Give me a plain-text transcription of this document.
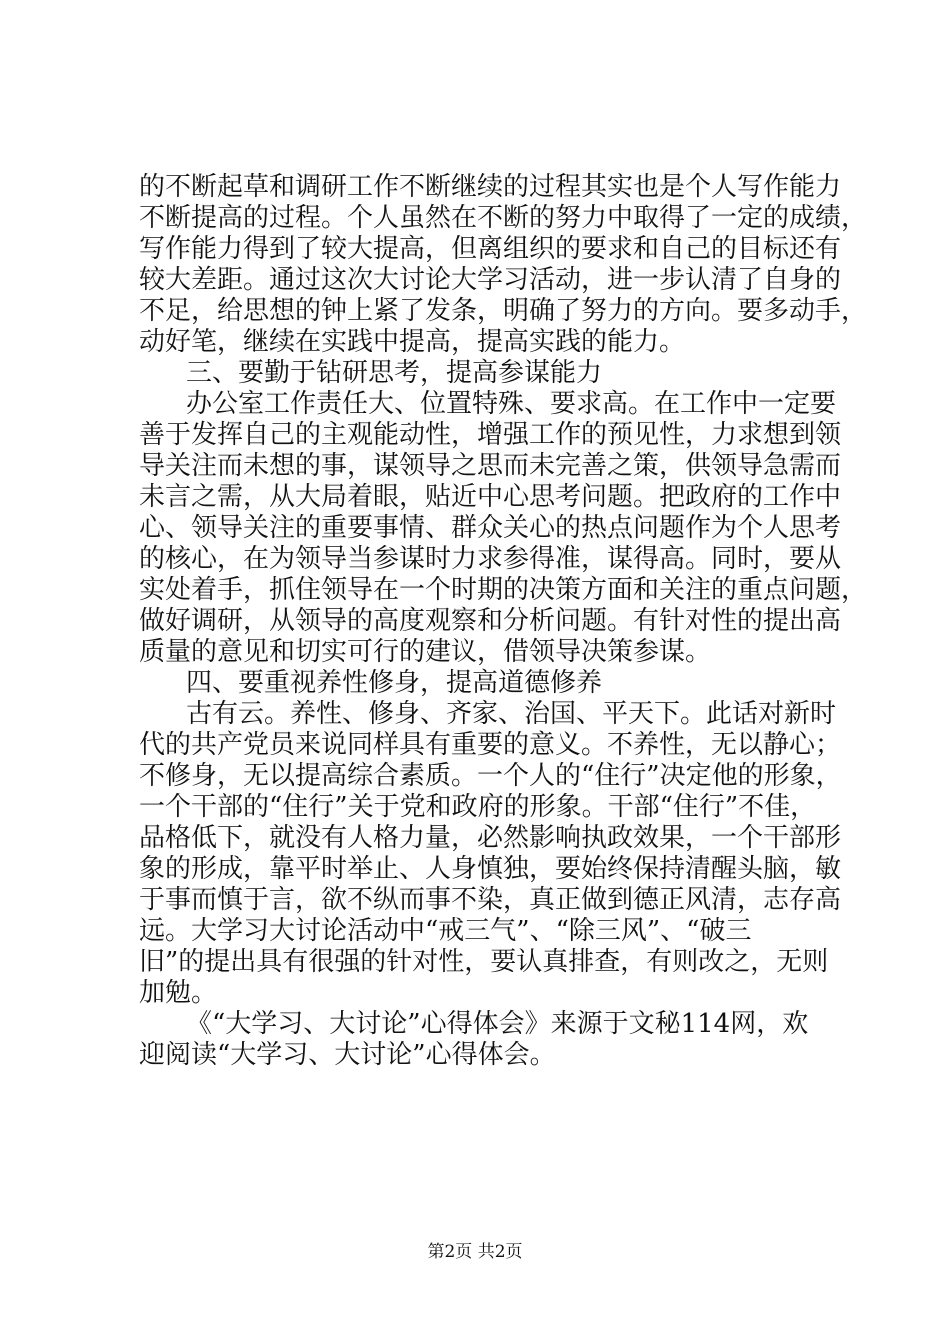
的不断起草和调研工作不断继续的过程其实也是个人写作能力
不断提高的过程。个人虽然在不断的努力中取得了一定的成绩，
写作能力得到了较大提高，但离组织的要求和自己的目标还有
较大差距。通过这次大讨论大学习活动，进一步认清了自身的
不足，给思想的钟上紧了发条，明确了努力的方向。要多动手，
动好笔，继续在实践中提高，提高实践的能力。
三、要勤于钻研思考，提高参谋能力
办公室工作责任大、位置特殊、要求高。在工作中一定要
善于发挥自己的主观能动性，增强工作的预见性，力求想到领
导关注而未想的事，谋领导之思而未完善之策，供领导急需而
未言之需，从大局着眼，贴近中心思考问题。把政府的工作中
心、领导关注的重要事情、群众关心的热点问题作为个人思考
的核心，在为领导当参谋时力求参得准，谋得高。同时，要从
实处着手，抓住领导在一个时期的决策方面和关注的重点问题，
做好调研，从领导的高度观察和分析问题。有针对性的提出高
质量的意见和切实可行的建议，借领导决策参谋。
四、要重视养性修身，提高道德修养
古有云。养性、修身、齐家、治国、平天下。此话对新时
代的共产党员来说同样具有重要的意义。不养性，无以静心；
不修身，无以提高综合素质。一个人的“住行”决定他的形象，
一个干部的“住行”关于党和政府的形象。干部“住行”不佳，
品格低下，就没有人格力量，必然影响执政效果，一个干部形
象的形成，靠平时举止、人身慎独，要始终保持清醒头脑，敏
于事而慎于言，欲不纵而事不染，真正做到德正风清，志存高
远。大学习大讨论活动中“戒三气”、“除三风”、“破三
旧”的提出具有很强的针对性，要认真排查，有则改之，无则
加勉。
《“大学习、大讨论”心得体会》来源于文秘114网，欢
迎阅读“大学习、大讨论”心得体会。
第2页 共2页
